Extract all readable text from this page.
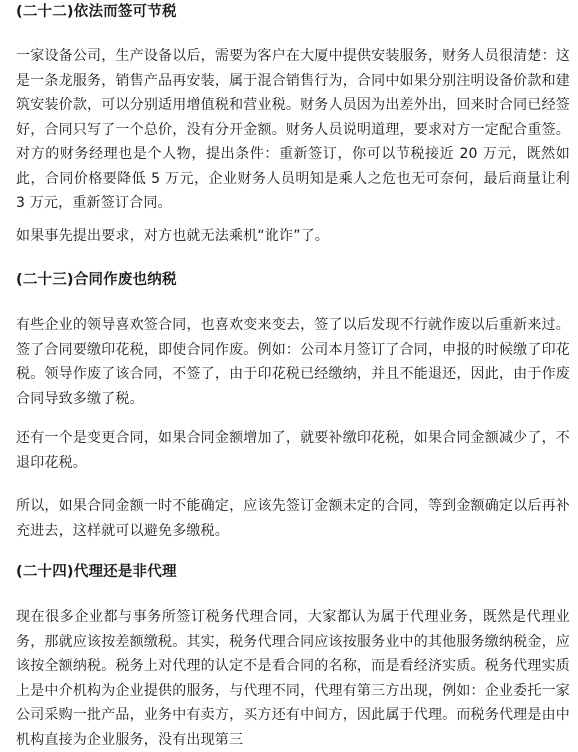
(二十二)依法而签可节税

一家设备公司，生产设备以后，需要为客户在大厦中提供安装服务，财务人员很清楚：这是一条龙服务，销售产品再安装，属于混合销售行为，合同中如果分别注明设备价款和建筑安装价款，可以分别适用增值税和营业税。财务人员因为出差外出，回来时合同已经签好，合同只写了一个总价，没有分开金额。财务人员说明道理，要求对方一定配合重签。对方的财务经理也是个人物，提出条件：重新签订，你可以节税接近 20 万元，既然如此，合同价格要降低 5 万元，企业财务人员明知是乘人之危也无可奈何，最后商量让利 3 万元，重新签订合同。

如果事先提出要求，对方也就无法乘机“讹诈”了。

(二十三)合同作废也纳税

有些企业的领导喜欢签合同，也喜欢变来变去，签了以后发现不行就作废以后重新来过。签了合同要缴印花税，即使合同作废。例如：公司本月签订了合同，申报的时候缴了印花税。领导作废了该合同，不签了，由于印花税已经缴纳，并且不能退还，因此，由于作废合同导致多缴了税。

还有一个是变更合同，如果合同金额增加了，就要补缴印花税，如果合同金额减少了，不退印花税。

所以，如果合同金额一时不能确定，应该先签订金额未定的合同，等到金额确定以后再补充进去，这样就可以避免多缴税。

(二十四)代理还是非代理

现在很多企业都与事务所签订税务代理合同，大家都认为属于代理业务，既然是代理业务，那就应该按差额缴税。其实，税务代理合同应该按服务业中的其他服务缴纳税金，应该按全额纳税。税务上对代理的认定不是看合同的名称，而是看经济实质。税务代理实质上是中介机构为企业提供的服务，与代理不同，代理有第三方出现，例如：企业委托一家公司采购一批产品，业务中有卖方，买方还有中间方，因此属于代理。而税务代理是由中机构直接为企业服务，没有出现第三
